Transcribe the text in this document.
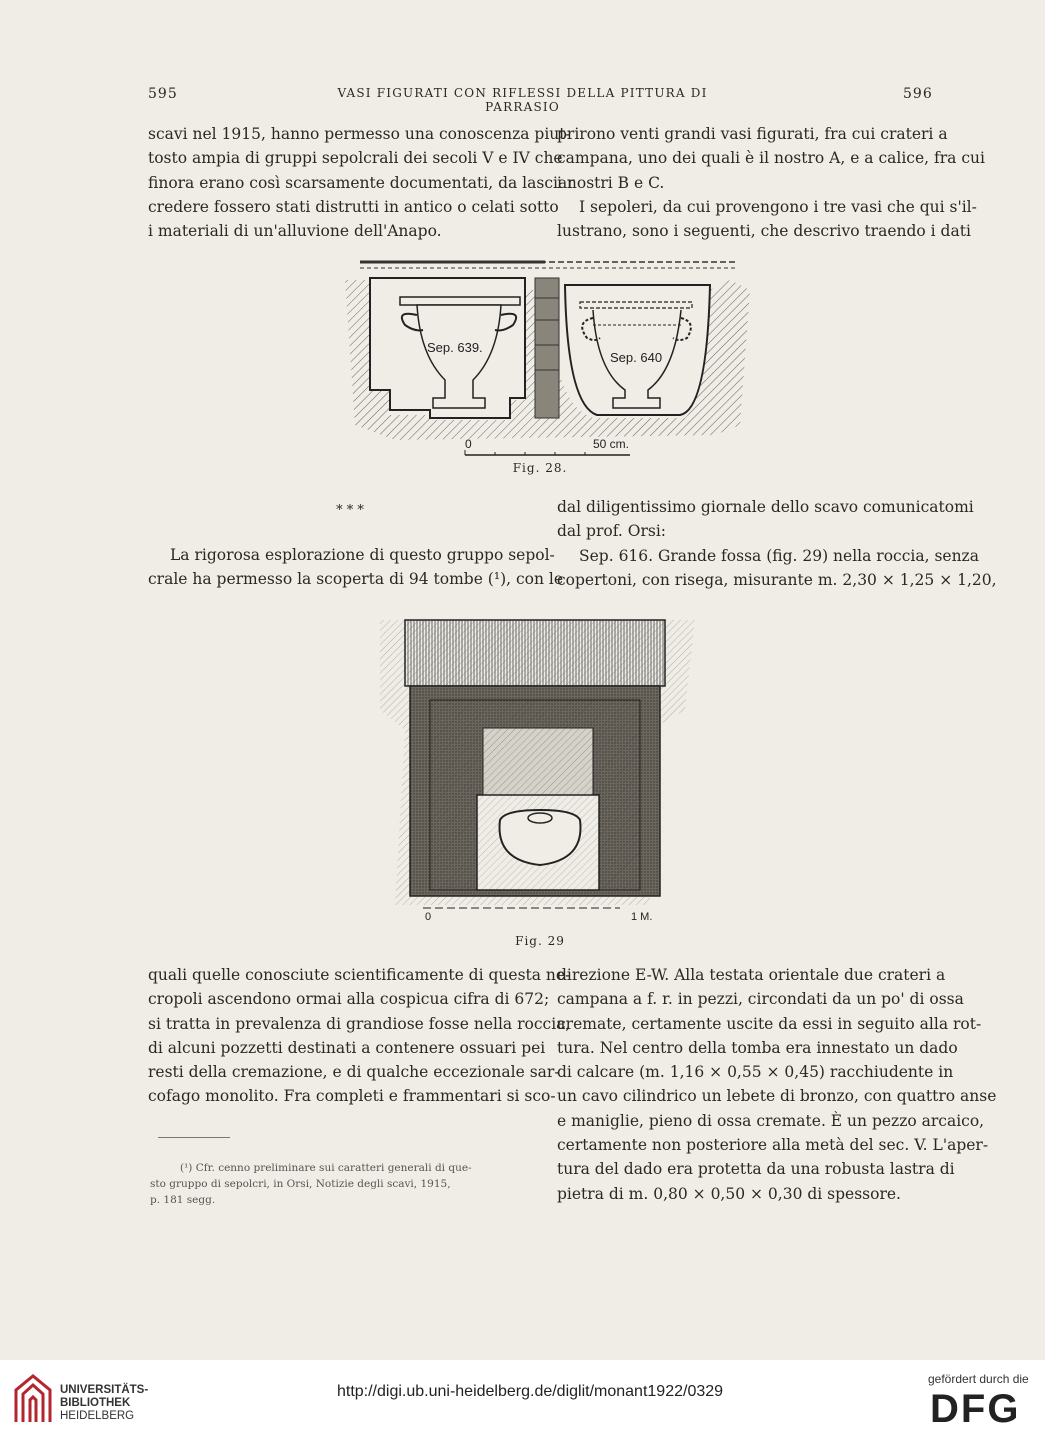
595	VASI FIGURATI CON RIFLESSI DELLA PITTURA DI PARRASIO
596
scavi nel 1915, hanno permesso una conoscenza piut-
tosto ampia di gruppi sepolcrali dei secoli V e IV che
finora erano così scarsamente documentati, da lasciar
credere fossero stati distrutti in antico o celati sotto
i materiali di un'alluvione dell'Anapo.
prirono venti grandi vasi figurati, fra cui crateri a
campana, uno dei quali è il nostro A, e a calice, fra cui
i nostri B e C.
I sepoleri, da cui provengono i tre vasi che qui s'il-
lustrano, sono i seguenti, che descrivo traendo i dati
Sep. 639.
Sep. 640
0	50 cm.
Fig. 28.
* * *
La rigorosa esplorazione di questo gruppo sepol-
crale ha permesso la scoperta di 94 tombe (¹), con le
dal diligentissimo giornale dello scavo comunicatomi
dal prof. Orsi:
Sep. 616. Grande fossa (fig. 29) nella roccia, senza
copertoni, con risega, misurante m. 2,30 × 1,25 × 1,20,
0	1 M.
Fig. 29
quali quelle conosciute scientificamente di questa ne-
cropoli ascendono ormai alla cospicua cifra di 672;
si tratta in prevalenza di grandiose fosse nella roccia,
di alcuni pozzetti destinati a contenere ossuari pei
resti della cremazione, e di qualche eccezionale sar-
cofago monolito. Fra completi e frammentari si sco-
(¹) Cfr. cenno preliminare sui caratteri generali di que-
sto gruppo di sepolcri, in Orsi, Notizie degli scavi, 1915,
p. 181 segg.
direzione E-W. Alla testata orientale due crateri a
campana a f. r. in pezzi, circondati da un po' di ossa
cremate, certamente uscite da essi in seguito alla rot-
tura. Nel centro della tomba era innestato un dado
di calcare (m. 1,16 × 0,55 × 0,45) racchiudente in
un cavo cilindrico un lebete di bronzo, con quattro anse
e maniglie, pieno di ossa cremate. È un pezzo arcaico,
certamente non posteriore alla metà del sec. V. L'aper-
tura del dado era protetta da una robusta lastra di
pietra di m. 0,80 × 0,50 × 0,30 di spessore.
UNIVERSITÄTS-
BIBLIOTHEK
HEIDELBERG
http://digi.ub.uni-heidelberg.de/diglit/monant1922/0329
gefördert durch die
DFG
